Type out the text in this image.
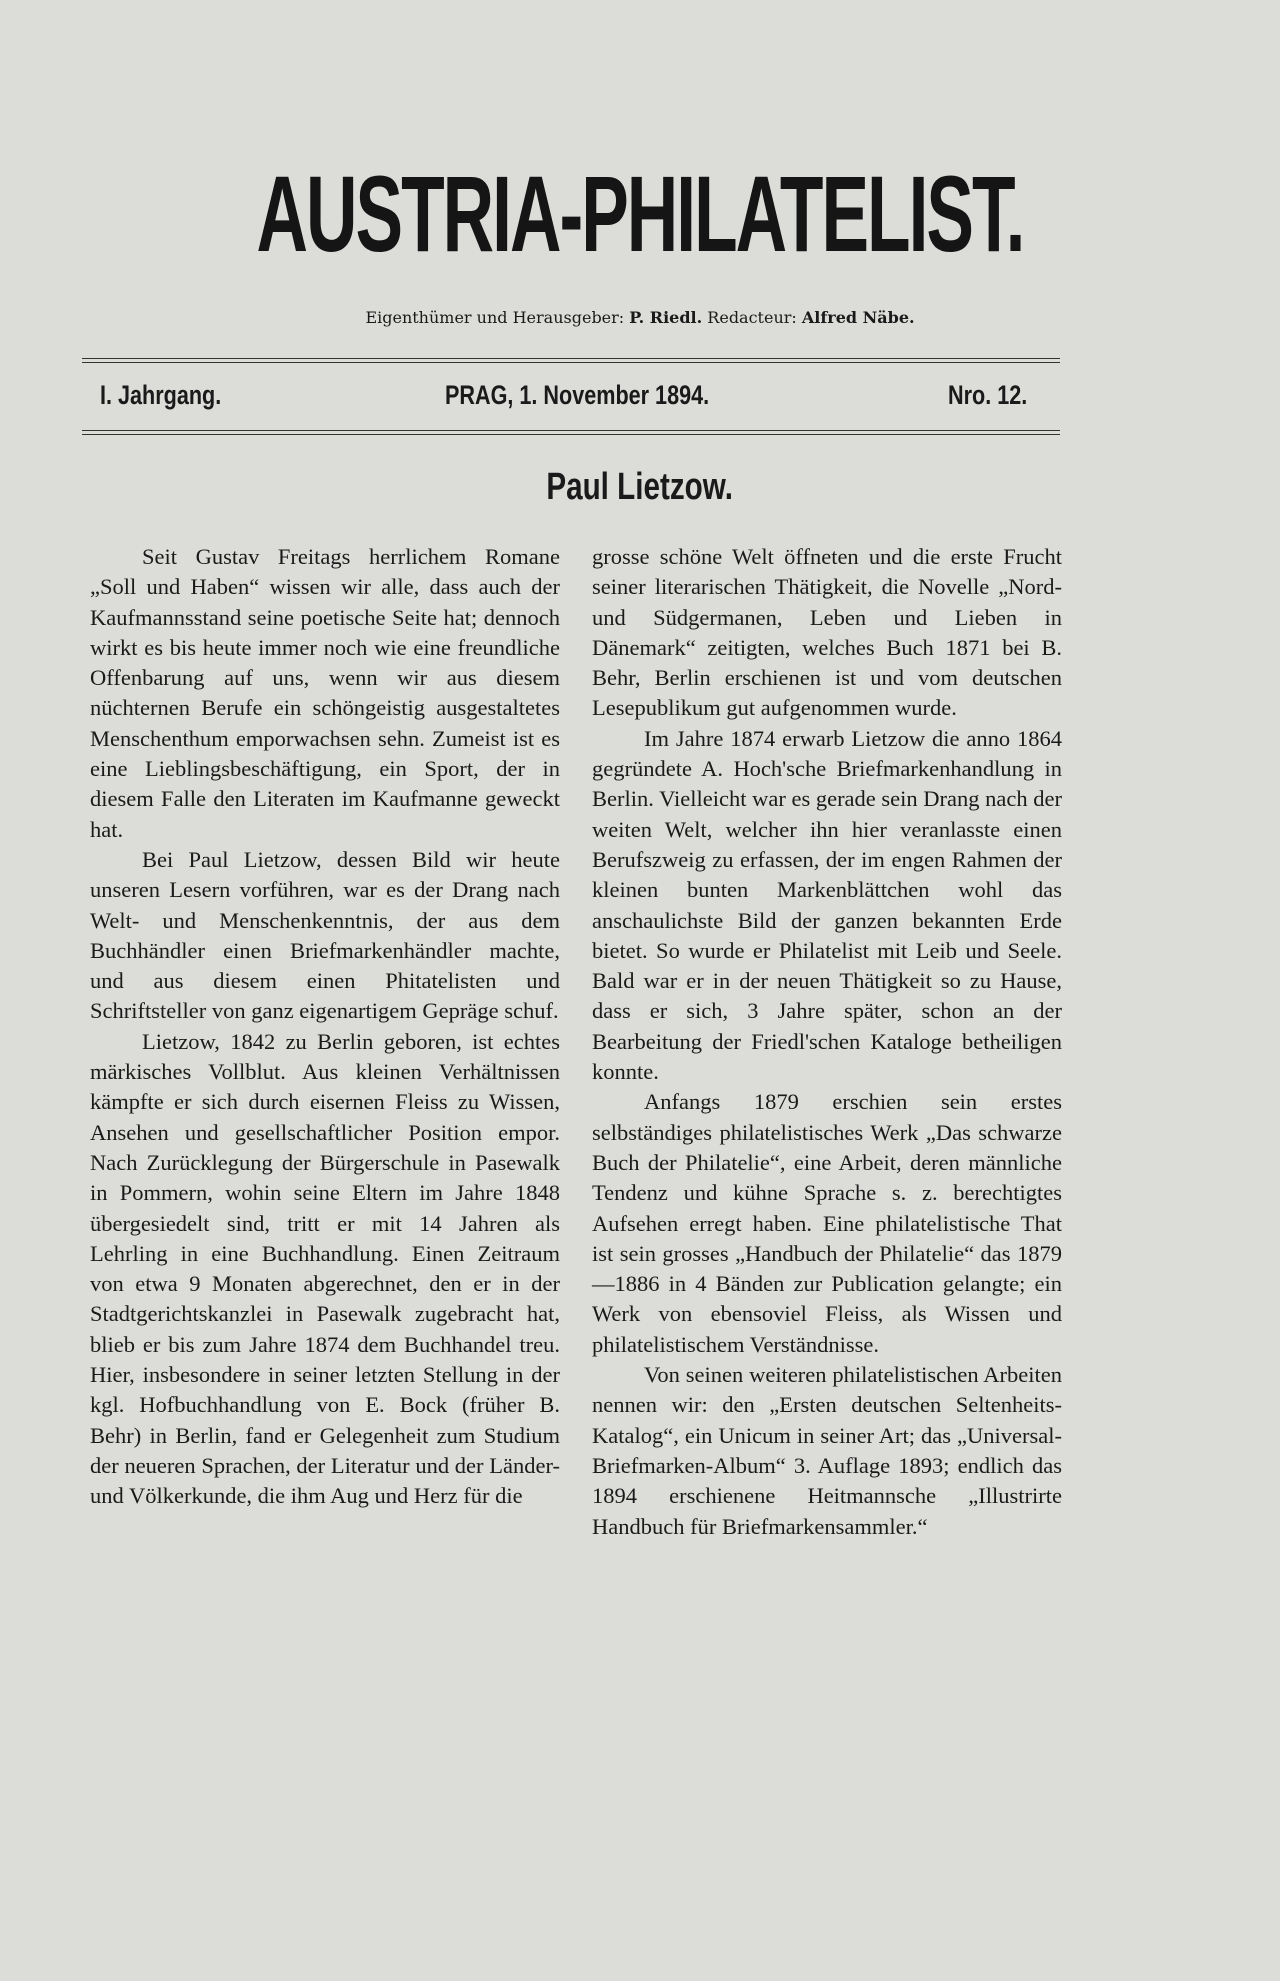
AUSTRIA-PHILATELIST.
Eigenthümer und Herausgeber: P. Riedl. Redacteur: Alfred Näbe.
I. Jahrgang.	PRAG, 1. November 1894.	Nro. 12.
Paul Lietzow.

Seit Gustav Freitags herrlichem Romane „Soll und Haben“ wissen wir alle, dass auch der Kaufmannsstand seine poetische Seite hat; dennoch wirkt es bis heute immer noch wie eine freundliche Offenbarung auf uns, wenn wir aus diesem nüchternen Berufe ein schöngeistig ausgestaltetes Menschenthum emporwachsen sehn. Zumeist ist es eine Lieblingsbeschäftigung, ein Sport, der in diesem Falle den Literaten im Kaufmanne geweckt hat.

Bei Paul Lietzow, dessen Bild wir heute unseren Lesern vorführen, war es der Drang nach Welt- und Menschenkenntnis, der aus dem Buchhändler einen Briefmarkenhändler machte, und aus diesem einen Phitatelisten und Schriftsteller von ganz eigenartigem Gepräge schuf.

Lietzow, 1842 zu Berlin geboren, ist echtes märkisches Vollblut. Aus kleinen Verhältnissen kämpfte er sich durch eisernen Fleiss zu Wissen, Ansehen und gesellschaftlicher Position empor. Nach Zurücklegung der Bürgerschule in Pasewalk in Pommern, wohin seine Eltern im Jahre 1848 übergesiedelt sind, tritt er mit 14 Jahren als Lehrling in eine Buchhandlung. Einen Zeitraum von etwa 9 Monaten abgerechnet, den er in der Stadtgerichtskanzlei in Pasewalk zugebracht hat, blieb er bis zum Jahre 1874 dem Buchhandel treu. Hier, insbesondere in seiner letzten Stellung in der kgl. Hofbuchhandlung von E. Bock (früher B. Behr) in Berlin, fand er Gelegenheit zum Studium der neueren Sprachen, der Literatur und der Länder- und Völkerkunde, die ihm Aug und Herz für die

grosse schöne Welt öffneten und die erste Frucht seiner literarischen Thätigkeit, die Novelle „Nord- und Südgermanen, Leben und Lieben in Dänemark“ zeitigten, welches Buch 1871 bei B. Behr, Berlin erschienen ist und vom deutschen Lesepublikum gut aufgenommen wurde.

Im Jahre 1874 erwarb Lietzow die anno 1864 gegründete A. Hoch'sche Briefmarkenhandlung in Berlin. Vielleicht war es gerade sein Drang nach der weiten Welt, welcher ihn hier veranlasste einen Berufszweig zu erfassen, der im engen Rahmen der kleinen bunten Markenblättchen wohl das anschaulichste Bild der ganzen bekannten Erde bietet. So wurde er Philatelist mit Leib und Seele. Bald war er in der neuen Thätigkeit so zu Hause, dass er sich, 3 Jahre später, schon an der Bearbeitung der Friedl'schen Kataloge betheiligen konnte.

Anfangs 1879 erschien sein erstes selbständiges philatelistisches Werk „Das schwarze Buch der Philatelie“, eine Arbeit, deren männliche Tendenz und kühne Sprache s. z. berechtigtes Aufsehen erregt haben. Eine philatelistische That ist sein grosses „Handbuch der Philatelie“ das 1879—1886 in 4 Bänden zur Publication gelangte; ein Werk von ebensoviel Fleiss, als Wissen und philatelistischem Verständnisse.

Von seinen weiteren philatelistischen Arbeiten nennen wir: den „Ersten deutschen Seltenheits-Katalog“, ein Unicum in seiner Art; das „Universal-Briefmarken-Album“ 3. Auflage 1893; endlich das 1894 erschienene Heitmannsche „Illustrirte Handbuch für Briefmarkensammler.“
